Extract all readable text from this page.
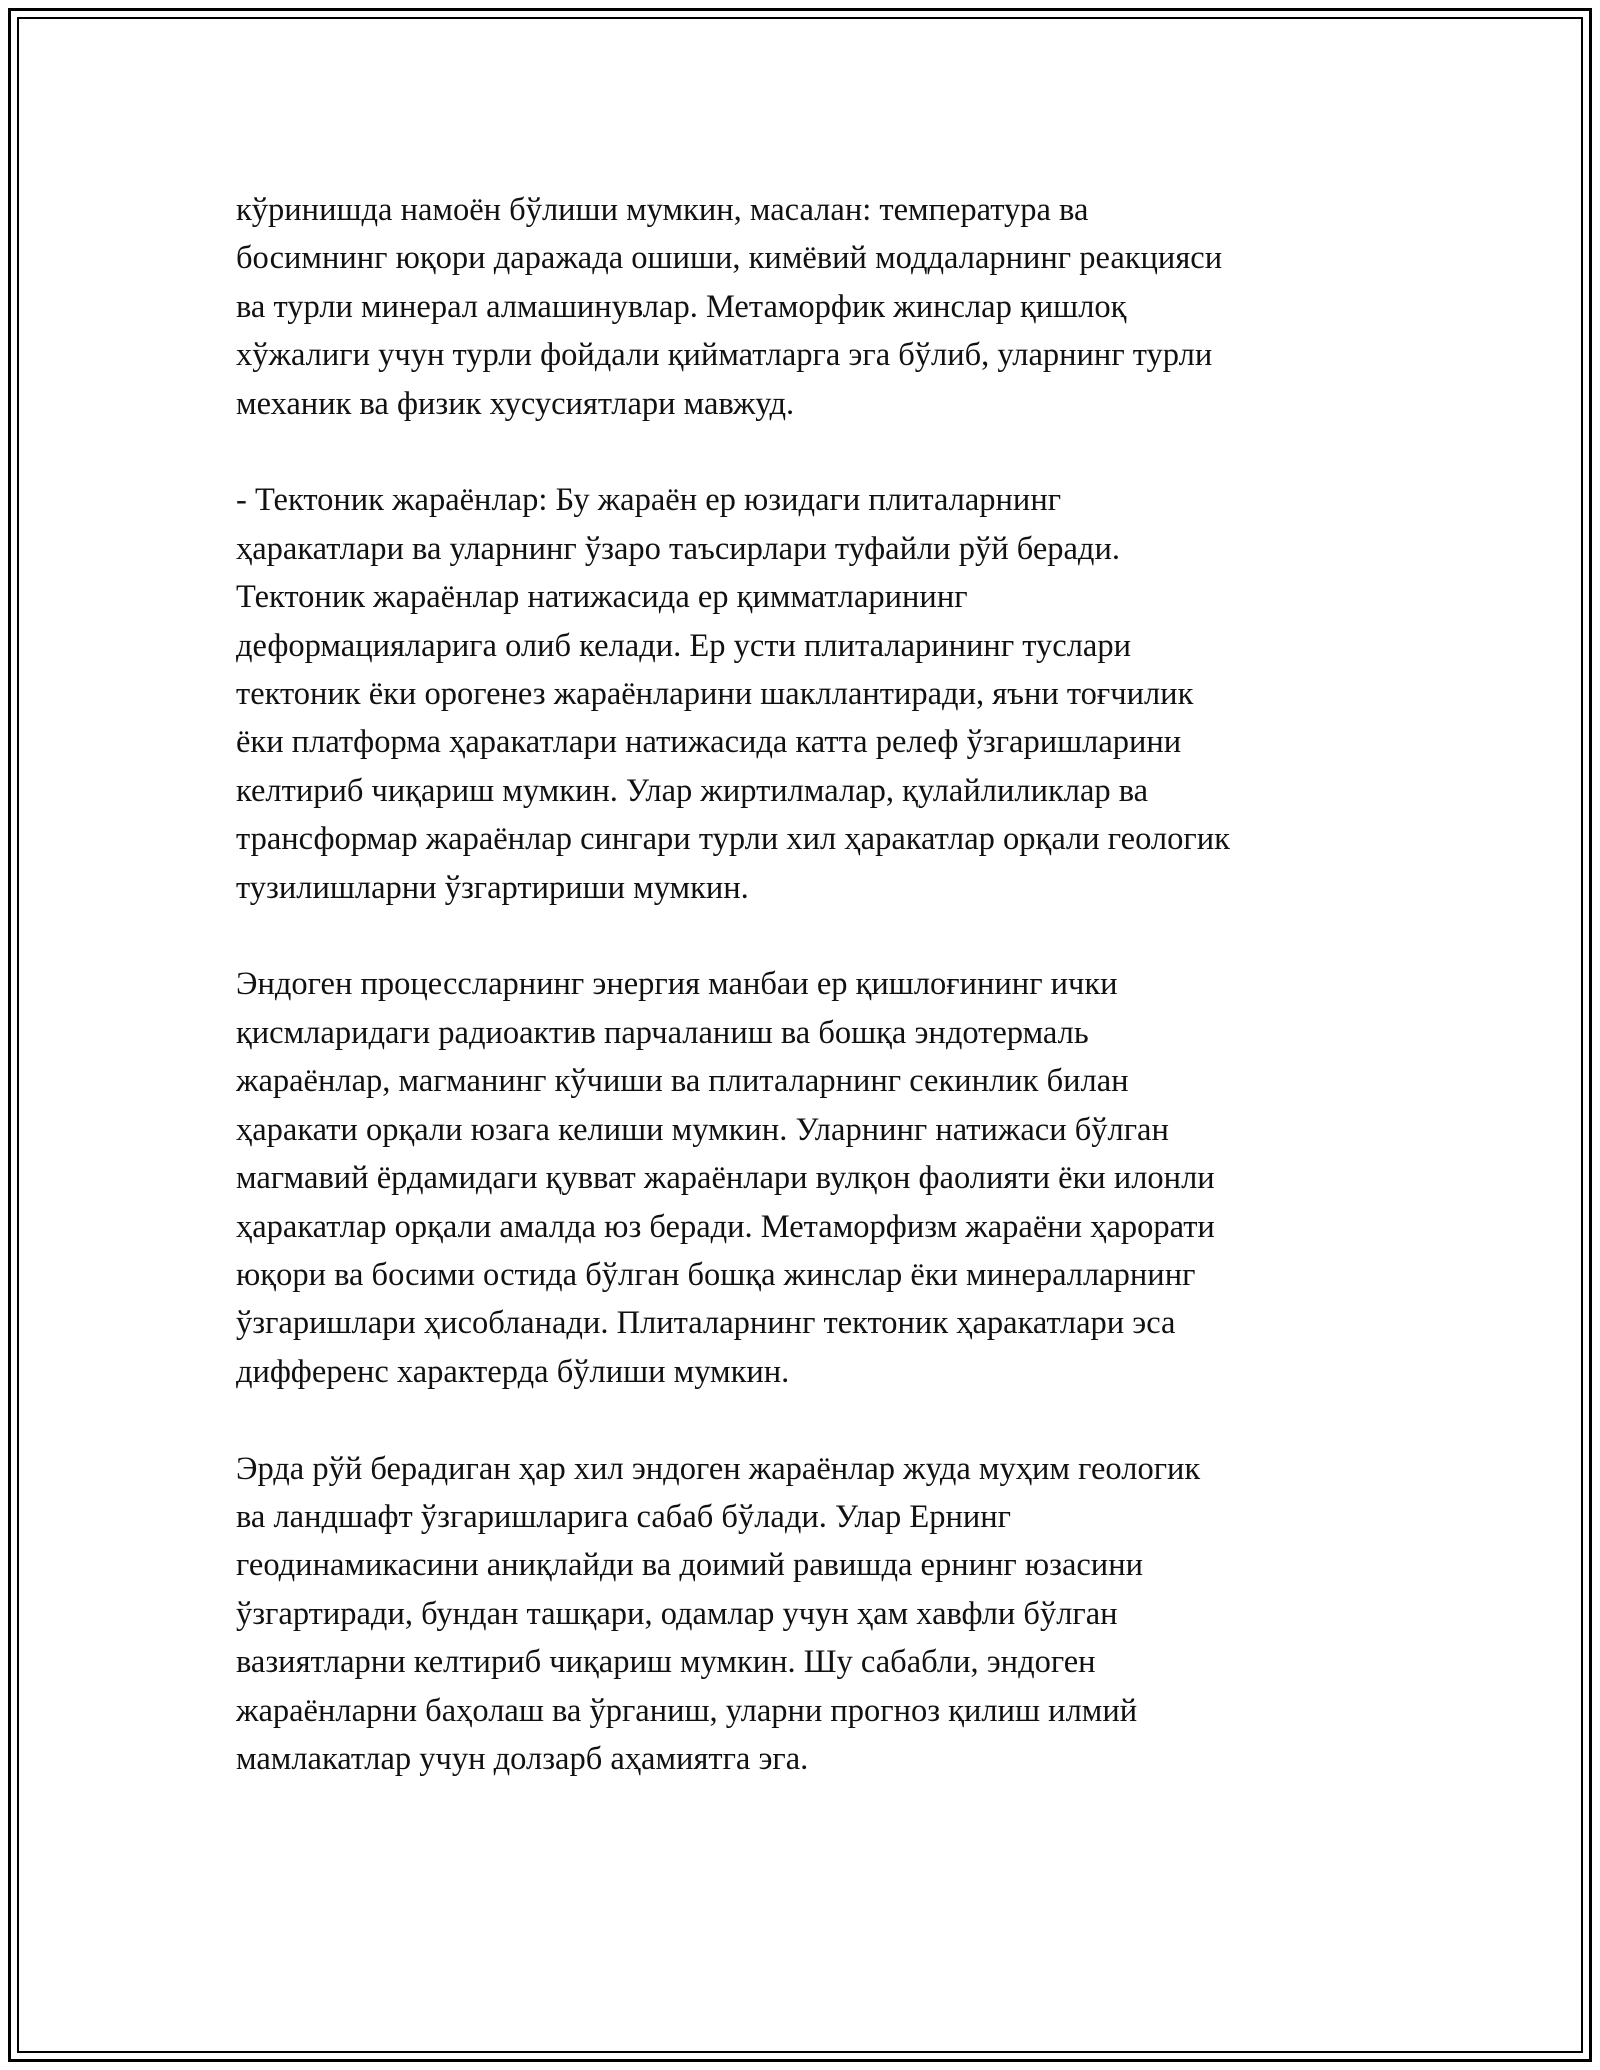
кўринишда намоён бўлиши мумкин, масалан: температура ва
босимнинг юқори даражада ошиши, кимёвий моддаларнинг реакцияси
ва турли минерал алмашинувлар. Метаморфик жинслар қишлоқ
хўжалиги учун турли фойдали қийматларга эга бўлиб, уларнинг турли
механик ва физик хусусиятлари мавжуд.

- Тектоник жараёнлар: Бу жараён ер юзидаги плиталарнинг
ҳаракатлари ва уларнинг ўзаро таъсирлари туфайли рўй беради.
Тектоник жараёнлар натижасида ер қимматларининг
деформацияларига олиб келади. Ер усти плиталарининг туслари
тектоник ёки орогенез жараёнларини шакллантиради, яъни тоғчилик
ёки платформа ҳаракатлари натижасида катта релеф ўзгаришларини
келтириб чиқариш мумкин. Улар жиртилмалар, қулайлиликлар ва
трансформар жараёнлар сингари турли хил ҳаракатлар орқали геологик
тузилишларни ўзгартириши мумкин.

Эндоген процессларнинг энергия манбаи ер қишлоғининг ички
қисмларидаги радиоактив парчаланиш ва бошқа эндотермаль
жараёнлар, магманинг кўчиши ва плиталарнинг секинлик билан
ҳаракати орқали юзага келиши мумкин. Уларнинг натижаси бўлган
магмавий ёрдамидаги қувват жараёнлари вулқон фаолияти ёки илонли
ҳаракатлар орқали амалда юз беради. Метаморфизм жараёни ҳарорати
юқори ва босими остида бўлган бошқа жинслар ёки минералларнинг
ўзгаришлари ҳисобланади. Плиталарнинг тектоник ҳаракатлари эса
дифференс характерда бўлиши мумкин.

Эрда рўй берадиган ҳар хил эндоген жараёнлар жуда муҳим геологик
ва ландшафт ўзгаришларига сабаб бўлади. Улар Ернинг
геодинамикасини аниқлайди ва доимий равишда ернинг юзасини
ўзгартиради, бундан ташқари, одамлар учун ҳам хавфли бўлган
вазиятларни келтириб чиқариш мумкин. Шу сабабли, эндоген
жараёнларни баҳолаш ва ўрганиш, уларни прогноз қилиш илмий
мамлакатлар учун долзарб аҳамиятга эга.
